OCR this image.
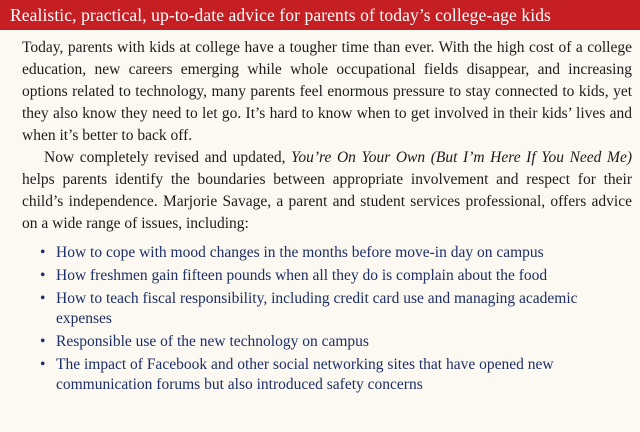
Realistic, practical, up-to-date advice for parents of today’s college-age kids

Today, parents with kids at college have a tougher time than ever. With the high cost of a college education, new careers emerging while whole occupational fields disappear, and increasing options related to technology, many parents feel enormous pressure to stay connected to kids, yet they also know they need to let go. It’s hard to know when to get involved in their kids’ lives and when it’s better to back off.

Now completely revised and updated, You’re On Your Own (But I’m Here If You Need Me) helps parents identify the boundaries between appropriate involvement and respect for their child’s independence. Marjorie Savage, a parent and student services professional, offers advice on a wide range of issues, including:

• How to cope with mood changes in the months before move-in day on campus
• How freshmen gain fifteen pounds when all they do is complain about the food
• How to teach fiscal responsibility, including credit card use and managing academic expenses
• Responsible use of the new technology on campus
• The impact of Facebook and other social networking sites that have opened new communication forums but also introduced safety concerns
